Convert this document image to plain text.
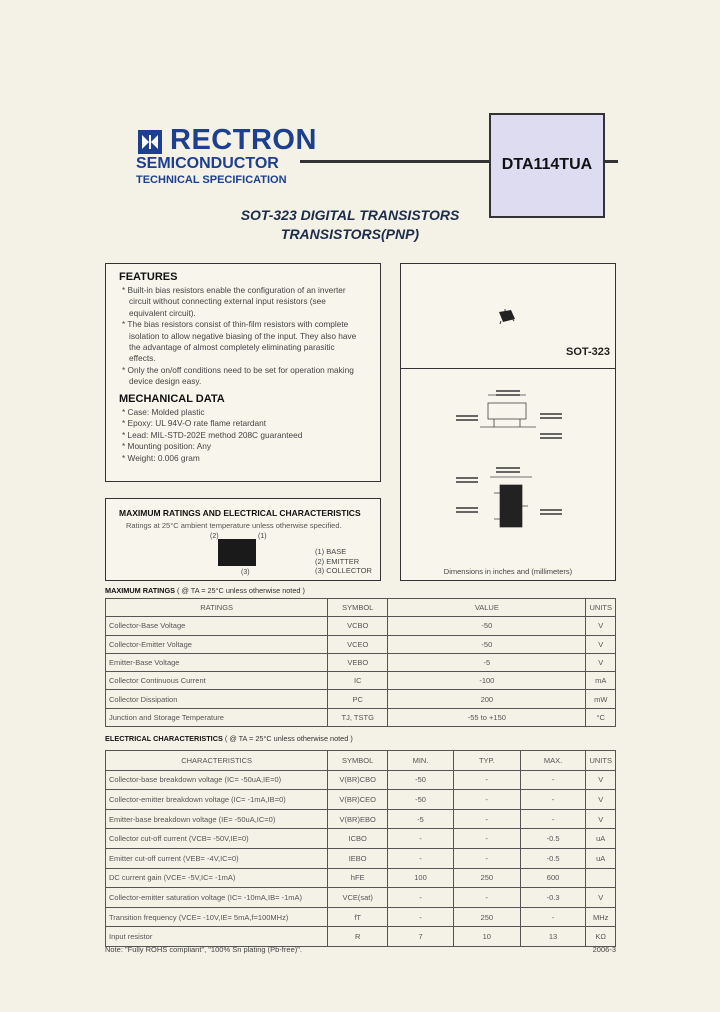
RECTRON
SEMICONDUCTOR
TECHNICAL SPECIFICATION
DTA114TUA
SOT-323 DIGITAL TRANSISTORS
TRANSISTORS(PNP)
FEATURES
* Built-in bias resistors enable the configuration of an inverter circuit without connecting external input resistors (see equivalent circuit).
* The bias resistors consist of thin-film resistors with complete isolation to allow negative biasing of the input. They also have the advantage of almost completely eliminating parasitic effects.
* Only the on/off conditions need to be set for operation making device design easy.
MECHANICAL DATA
* Case: Molded plastic
* Epoxy: UL 94V-O rate flame retardant
* Lead: MIL-STD-202E method 208C guaranteed
* Mounting position: Any
* Weight: 0.006 gram
SOT-323
Dimensions in inches and (millimeters)
MAXIMUM RATINGS AND ELECTRICAL CHARACTERISTICS
Ratings at 25°C ambient temperature unless otherwise specified.
(2)	(1)
(3)
(1) BASE
(2) EMITTER
(3) COLLECTOR
MAXIMUM RATINGS ( @ TA = 25°C unless otherwise noted )
RATINGS	SYMBOL	VALUE	UNITS
Collector-Base Voltage	VCBO	-50	V
Collector-Emitter Voltage	VCEO	-50	V
Emitter-Base Voltage	VEBO	-5	V
Collector Continuous Current	IC	-100	mA
Collector Dissipation	PC	200	mW
Junction and Storage Temperature	TJ, TSTG	-55 to +150	°C
ELECTRICAL CHARACTERISTICS ( @ TA = 25°C unless otherwise noted )
CHARACTERISTICS	SYMBOL	MIN.	TYP.	MAX.	UNITS
Collector-base breakdown voltage (IC= -50uA,IE=0)	V(BR)CBO	-50	-	-	V
Collector-emitter breakdown voltage (IC= -1mA,IB=0)	V(BR)CEO	-50	-	-	V
Emitter-base breakdown voltage (IE= -50uA,IC=0)	V(BR)EBO	-5	-	-	V
Collector cut-off current (VCB= -50V,IE=0)	ICBO	-	-	-0.5	uA
Emitter cut-off current (VEB= -4V,IC=0)	IEBO	-	-	-0.5	uA
DC current gain (VCE= -5V,IC= -1mA)	hFE	100	250	600	
Collector-emitter saturation voltage (IC= -10mA,IB= -1mA)	VCE(sat)	-	-	-0.3	V
Transition frequency (VCE= -10V,IE= 5mA,f=100MHz)	fT	-	250	-	MHz
Input resistor	R	7	10	13	KΩ
Note: "Fully ROHS compliant", "100% Sn plating (Pb-free)".	2006-3
